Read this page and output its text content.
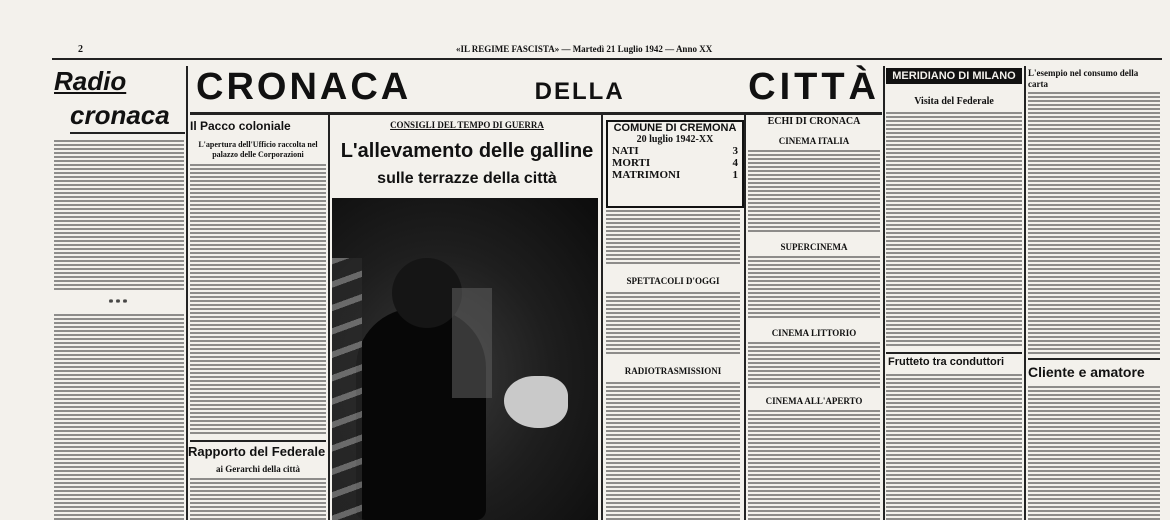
2	«IL REGIME FASCISTA» — Martedì 21 Luglio 1942 — Anno XX
Radio
cronaca
***
CRONACA	DELLA	CITTÀ
Il Pacco coloniale
L'apertura dell'Ufficio raccolta nel palazzo delle Corporazioni
Rapporto del Federale
ai Gerarchi della città
CONSIGLI DEL TEMPO DI GUERRA
L'allevamento delle galline
sulle terrazze della città
COMUNE DI CREMONA
20 luglio 1942-XX
NATI	3
MORTI	4
MATRIMONI	1
SPETTACOLI D'OGGI
RADIOTRASMISSIONI
ECHI DI CRONACA
CINEMA ITALIA
SUPERCINEMA
CINEMA LITTORIO
CINEMA ALL'APERTO
MERIDIANO DI MILANO
Visita del Federale
Frutteto tra conduttori
L'esempio nel consumo della carta
Cliente e amatore
